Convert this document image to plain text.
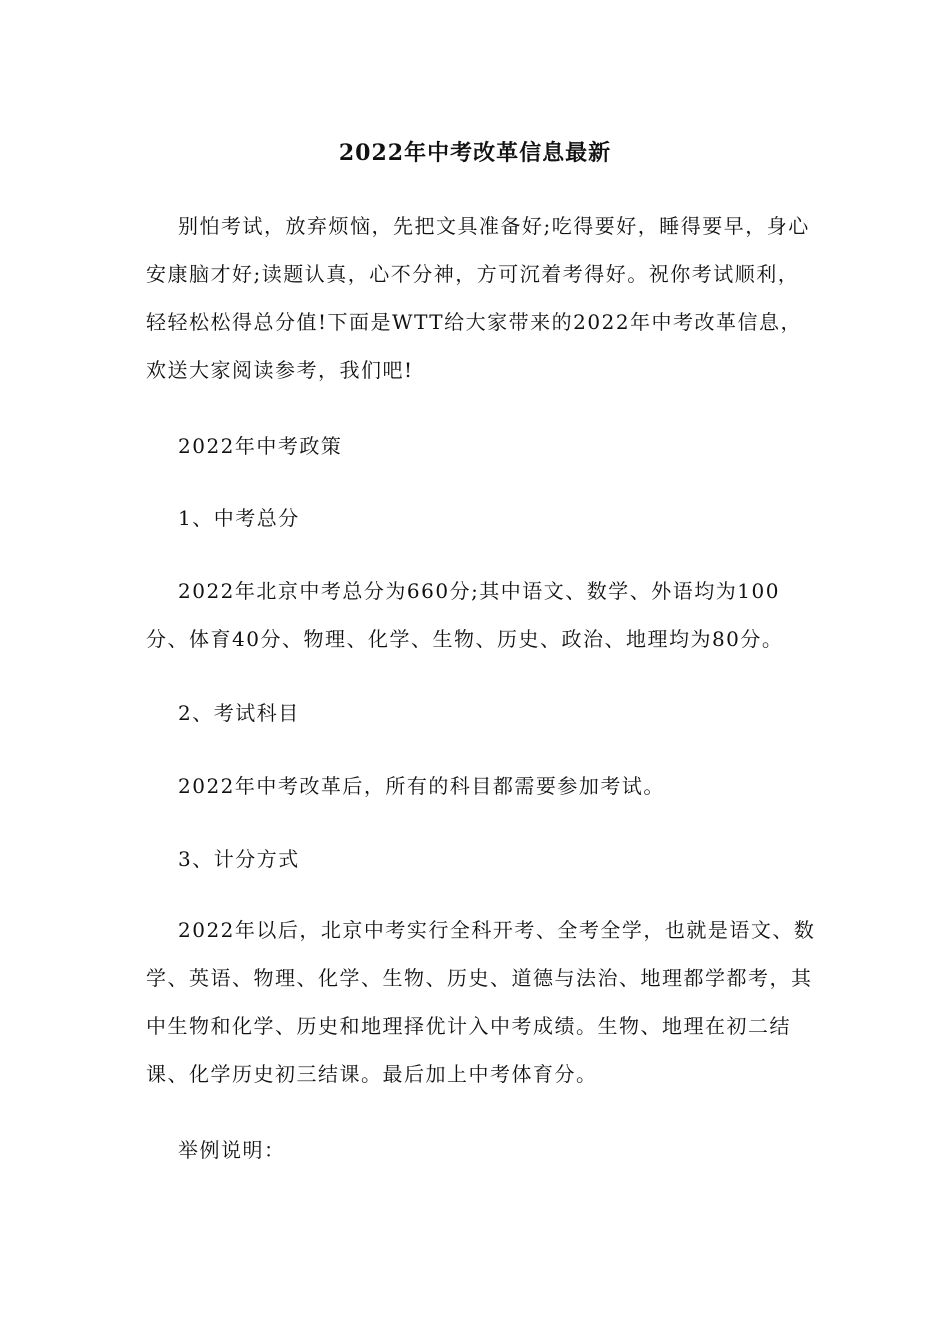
2022年中考改革信息最新

别怕考试，放弃烦恼，先把文具准备好;吃得要好，睡得要早，身心安康脑才好;读题认真，心不分神，方可沉着考得好。祝你考试顺利，轻轻松松得总分值!下面是WTT给大家带来的2022年中考改革信息，欢送大家阅读参考，我们吧!

2022年中考政策

1、中考总分

2022年北京中考总分为660分;其中语文、数学、外语均为100分、体育40分、物理、化学、生物、历史、政治、地理均为80分。

2、考试科目

2022年中考改革后，所有的科目都需要参加考试。

3、计分方式

2022年以后，北京中考实行全科开考、全考全学，也就是语文、数学、英语、物理、化学、生物、历史、道德与法治、地理都学都考，其中生物和化学、历史和地理择优计入中考成绩。生物、地理在初二结课、化学历史初三结课。最后加上中考体育分。

举例说明：
